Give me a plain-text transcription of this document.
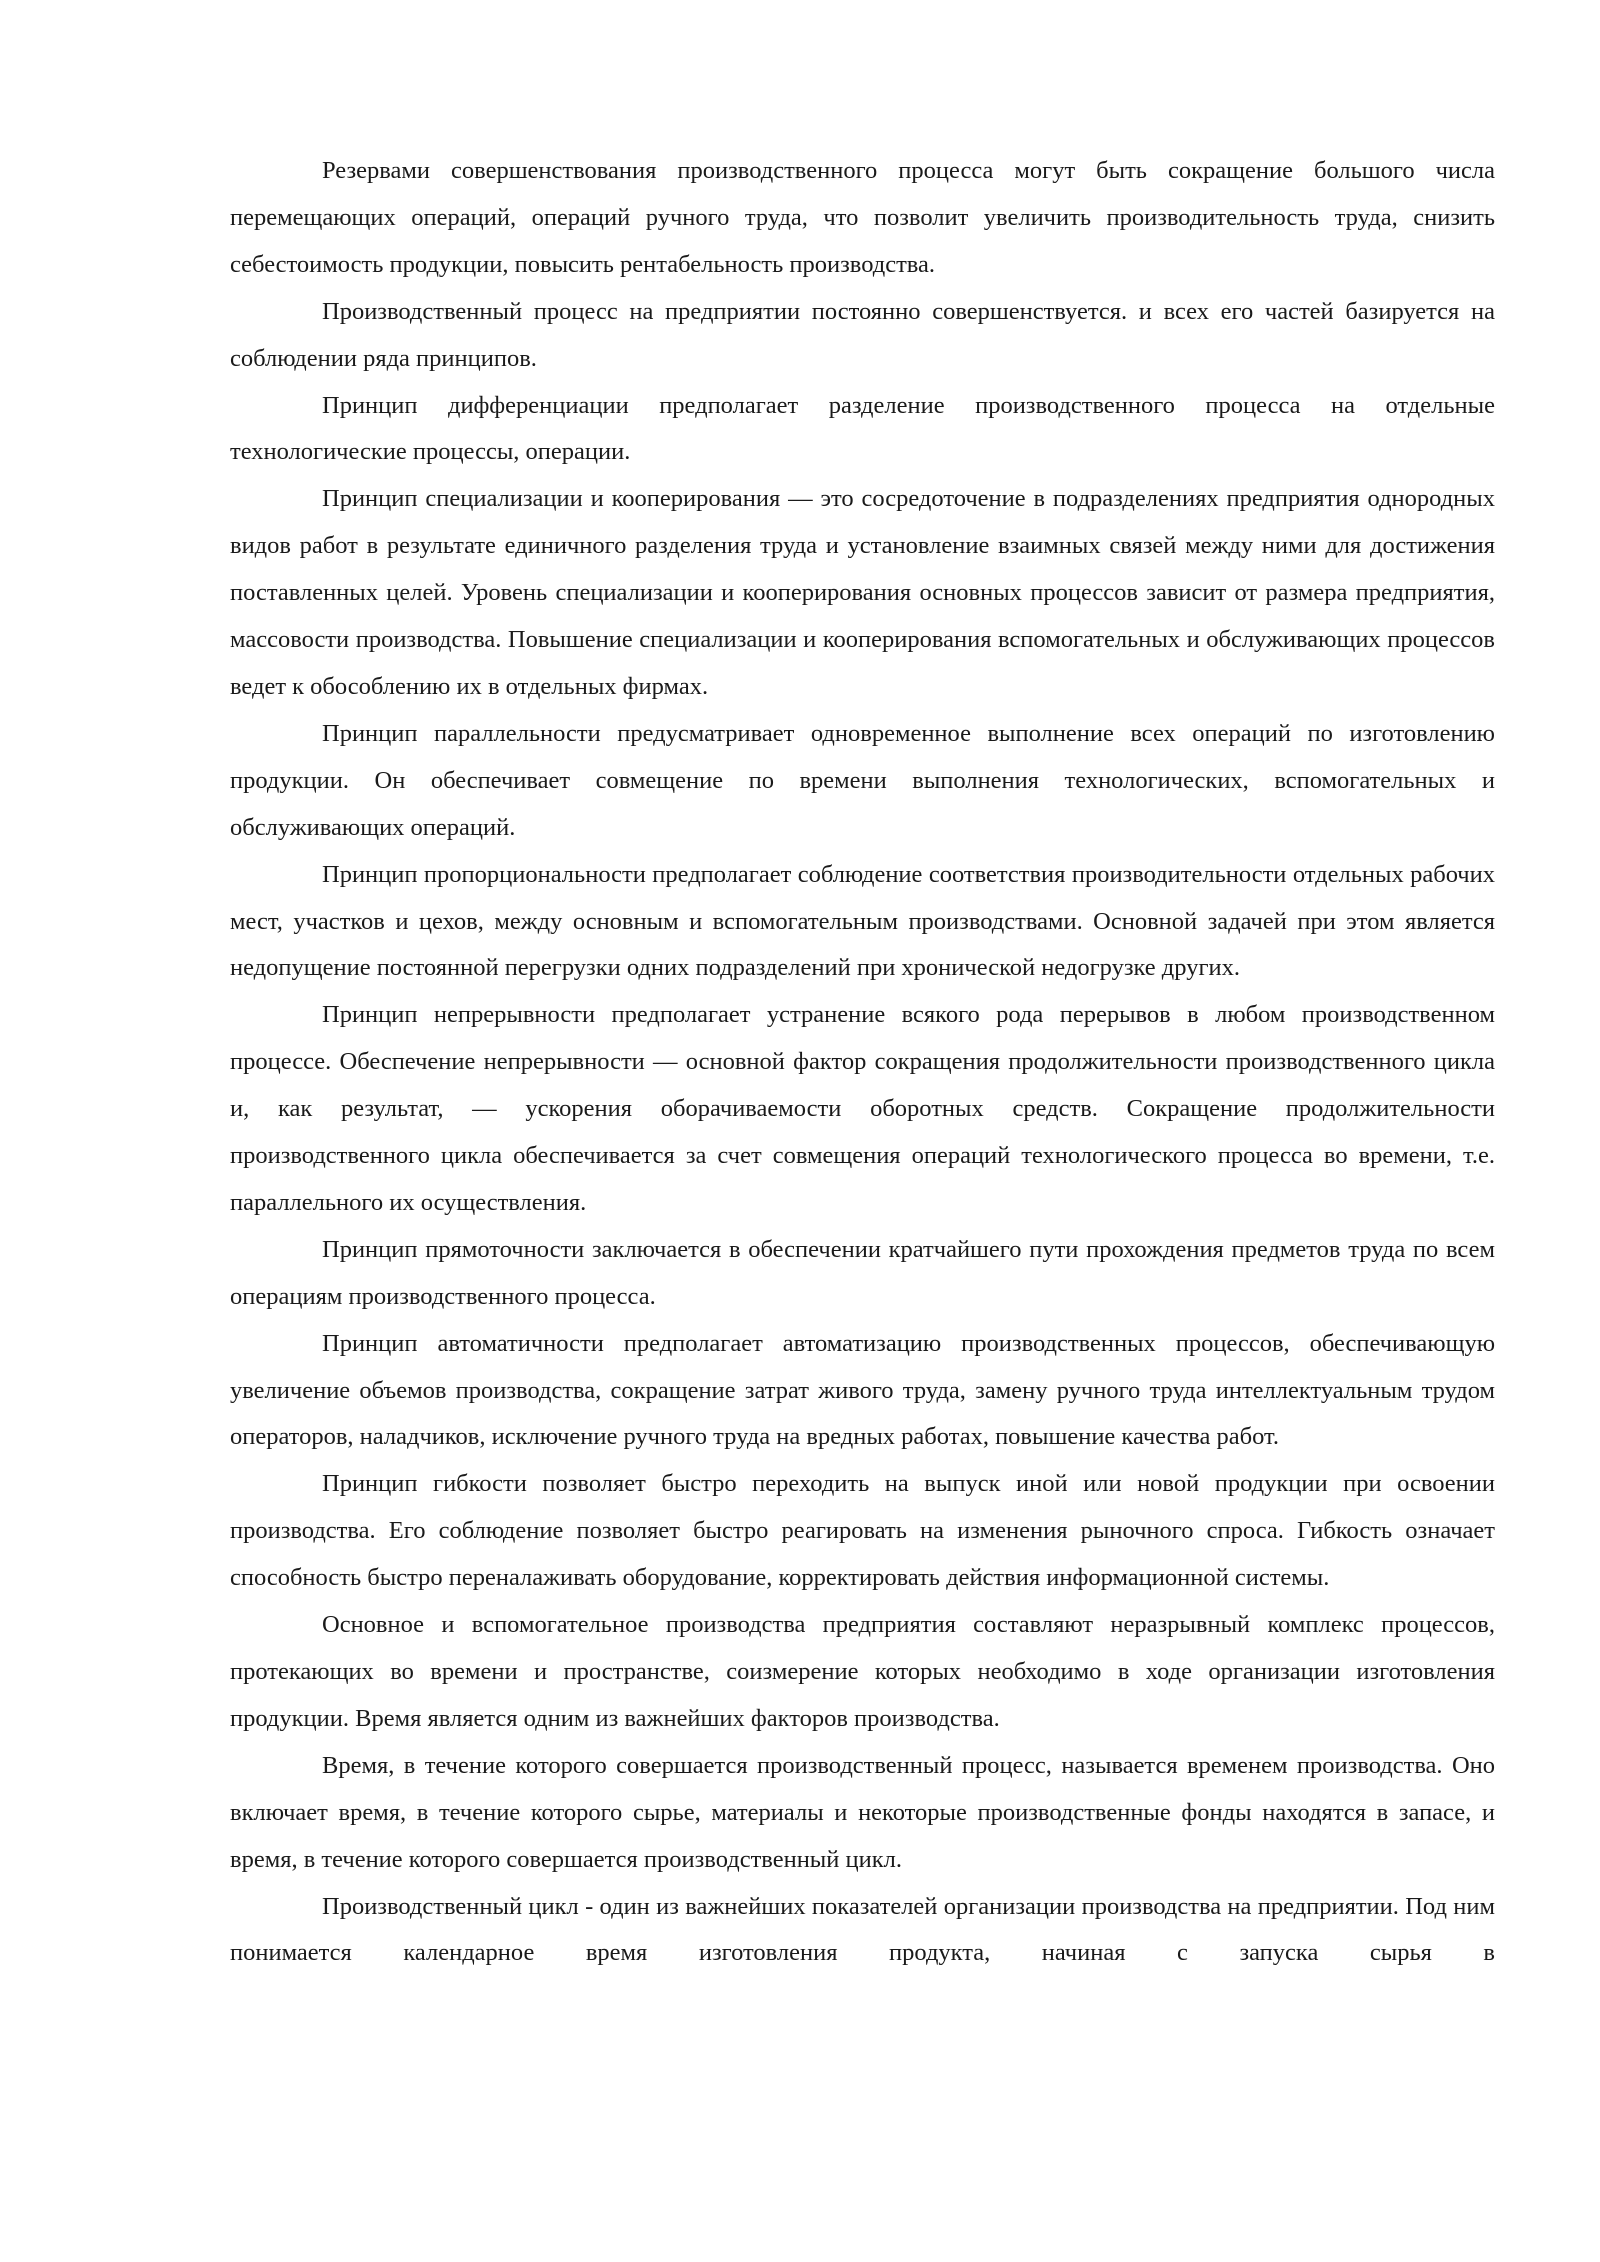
Резервами совершенствования производственного процесса могут быть сокращение большого числа перемещающих операций, операций ручного труда, что позволит увеличить производительность труда, снизить себестоимость продукции, повысить рентабельность производства.

Производственный процесс на предприятии постоянно совершенствуется. и всех его частей базируется на соблюдении ряда принципов.

Принцип дифференциации предполагает разделение производственного процесса на отдельные технологические процессы, операции.

Принцип специализации и кооперирования — это сосредоточение в подразделениях предприятия однородных видов работ в результате единичного разделения труда и установление взаимных связей между ними для достижения поставленных целей. Уровень специализации и кооперирования основных процессов зависит от размера предприятия, массовости производства. Повышение специализации и кооперирования вспомогательных и обслуживающих процессов ведет к обособлению их в отдельных фирмах.

Принцип параллельности предусматривает одновременное выполнение всех операций по изготовлению продукции. Он обеспечивает совмещение по времени выполнения технологических, вспомогательных и обслуживающих операций.

Принцип пропорциональности предполагает соблюдение соответствия производительности отдельных рабочих мест, участков и цехов, между основным и вспомогательным производствами. Основной задачей при этом является недопущение постоянной перегрузки одних подразделений при хронической недогрузке других.

Принцип непрерывности предполагает устранение всякого рода перерывов в любом производственном процессе. Обеспечение непрерывности — основной фактор сокращения продолжительности производственного цикла и, как результат, — ускорения оборачиваемости оборотных средств. Сокращение продолжительности производственного цикла обеспечивается за счет совмещения операций технологического процесса во времени, т.е. параллельного их осуществления.

Принцип прямоточности заключается в обеспечении кратчайшего пути прохождения предметов труда по всем операциям производственного процесса.

Принцип автоматичности предполагает автоматизацию производственных процессов, обеспечивающую увеличение объемов производства, сокращение затрат живого труда, замену ручного труда интеллектуальным трудом операторов, наладчиков, исключение ручного труда на вредных работах, повышение качества работ.

Принцип гибкости позволяет быстро переходить на выпуск иной или новой продукции при освоении производства. Его соблюдение позволяет быстро реагировать на изменения рыночного спроса. Гибкость означает способность быстро переналаживать оборудование, корректировать действия информационной системы.

Основное и вспомогательное производства предприятия составляют неразрывный комплекс процессов, протекающих во времени и пространстве, соизмерение которых необходимо в ходе организации изготовления продукции. Время является одним из важнейших факторов производства.

Время, в течение которого совершается производственный процесс, называется временем производства. Оно включает время, в течение которого сырье, материалы и некоторые производственные фонды находятся в запасе, и время, в течение которого совершается производственный цикл.

Производственный цикл - один из важнейших показателей организации производства на предприятии. Под ним понимается календарное время изготовления продукта, начиная с запуска сырья в
